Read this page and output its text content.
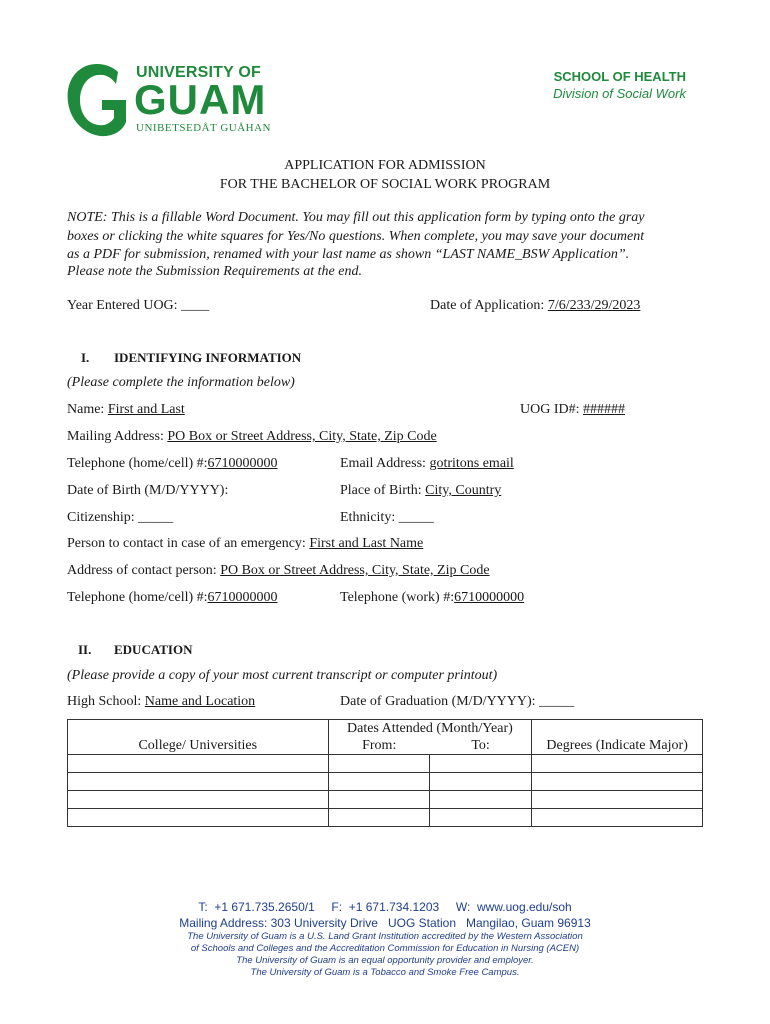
UNIVERSITY OF
GUAM
UNIBETSEDÅT GUÅHAN
SCHOOL OF HEALTH
Division of Social Work
APPLICATION FOR ADMISSION
FOR THE BACHELOR OF SOCIAL WORK PROGRAM
NOTE: This is a fillable Word Document. You may fill out this application form by typing onto the gray
boxes or clicking the white squares for Yes/No questions. When complete, you may save your document
as a PDF for submission, renamed with your last name as shown “LAST NAME_BSW Application”.
Please note the Submission Requirements at the end.
Year Entered UOG: ____	Date of Application: 7/6/233/29/2023
I. IDENTIFYING INFORMATION
(Please complete the information below)
Name: First and Last	UOG ID#: ######
Mailing Address: PO Box or Street Address, City, State, Zip Code
Telephone (home/cell) #:6710000000	Email Address: gotritons email
Date of Birth (M/D/YYYY):	Place of Birth: City, Country
Citizenship: _____	Ethnicity: _____
Person to contact in case of an emergency: First and Last Name
Address of contact person: PO Box or Street Address, City, State, Zip Code
Telephone (home/cell) #:6710000000	Telephone (work) #:6710000000
II. EDUCATION
(Please provide a copy of your most current transcript or computer printout)
High School: Name and Location	Date of Graduation (M/D/YYYY): _____
College/ Universities	Dates Attended (Month/Year)		Degrees (Indicate Major)
	From:	To:	

T:  +1 671.735.2650/1     F:  +1 671.734.1203     W:  www.uog.edu/soh
Mailing Address: 303 University Drive   UOG Station   Mangilao, Guam 96913
The University of Guam is a U.S. Land Grant Institution accredited by the Western Association
of Schools and Colleges and the Accreditation Commission for Education in Nursing (ACEN)
The University of Guam is an equal opportunity provider and employer.
The University of Guam is a Tobacco and Smoke Free Campus.
